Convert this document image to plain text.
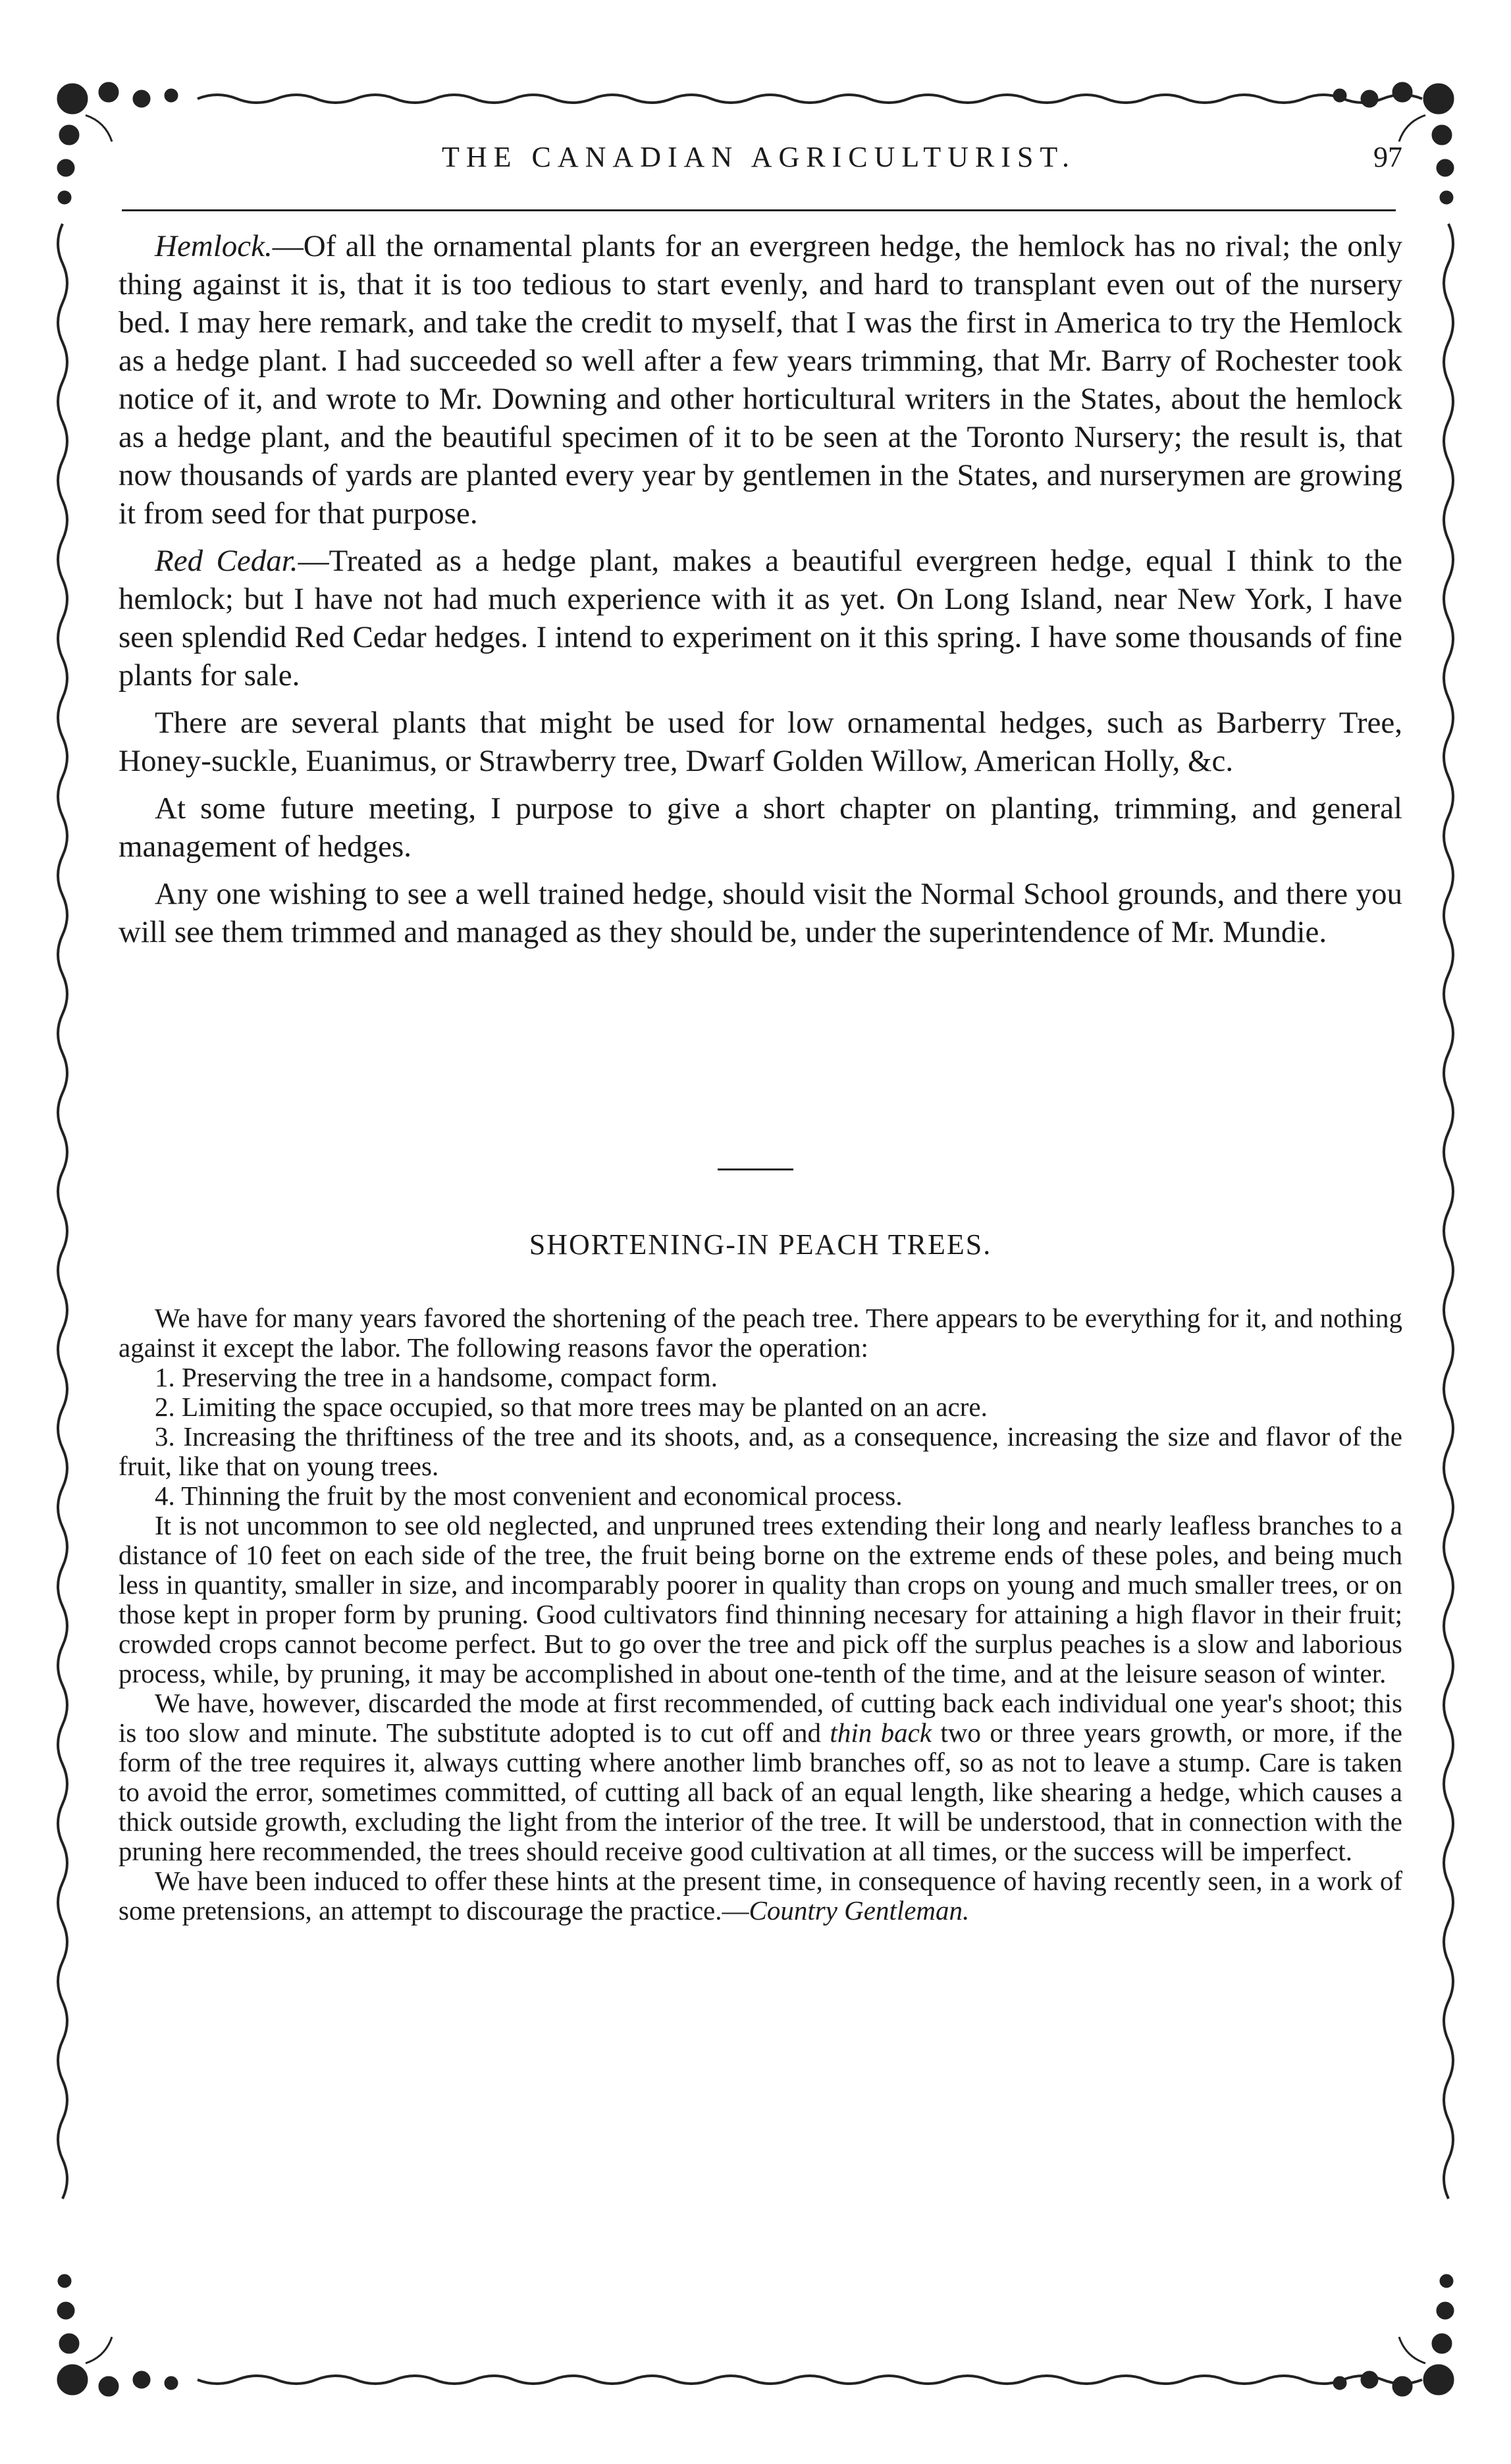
THE CANADIAN AGRICULTURIST.	97

Hemlock.—Of all the ornamental plants for an evergreen hedge, the hemlock has no rival; the only thing against it is, that it is too tedious to start evenly, and hard to transplant even out of the nursery bed. I may here remark, and take the credit to myself, that I was the first in America to try the Hemlock as a hedge plant. I had succeeded so well after a few years trimming, that Mr. Barry of Rochester took notice of it, and wrote to Mr. Downing and other horticultural writers in the States, about the hemlock as a hedge plant, and the beautiful specimen of it to be seen at the Toronto Nursery; the result is, that now thousands of yards are planted every year by gentlemen in the States, and nurserymen are growing it from seed for that purpose.

Red Cedar.—Treated as a hedge plant, makes a beautiful evergreen hedge, equal I think to the hemlock; but I have not had much experience with it as yet. On Long Island, near New York, I have seen splendid Red Cedar hedges. I intend to experiment on it this spring. I have some thousands of fine plants for sale.

There are several plants that might be used for low ornamental hedges, such as Barberry Tree, Honey-suckle, Euanimus, or Strawberry tree, Dwarf Golden Willow, American Holly, &c.

At some future meeting, I purpose to give a short chapter on planting, trimming, and general management of hedges.

Any one wishing to see a well trained hedge, should visit the Normal School grounds, and there you will see them trimmed and managed as they should be, under the superintendence of Mr. Mundie.

SHORTENING-IN PEACH TREES.

We have for many years favored the shortening of the peach tree. There appears to be everything for it, and nothing against it except the labor. The following reasons favor the operation:

1. Preserving the tree in a handsome, compact form.

2. Limiting the space occupied, so that more trees may be planted on an acre.

3. Increasing the thriftiness of the tree and its shoots, and, as a consequence, increasing the size and flavor of the fruit, like that on young trees.

4. Thinning the fruit by the most convenient and economical process.

It is not uncommon to see old neglected, and unpruned trees extending their long and nearly leafless branches to a distance of 10 feet on each side of the tree, the fruit being borne on the extreme ends of these poles, and being much less in quantity, smaller in size, and incomparably poorer in quality than crops on young and much smaller trees, or on those kept in proper form by pruning. Good cultivators find thinning necesary for attaining a high flavor in their fruit; crowded crops cannot become perfect. But to go over the tree and pick off the surplus peaches is a slow and laborious process, while, by pruning, it may be accomplished in about one-tenth of the time, and at the leisure season of winter.

We have, however, discarded the mode at first recommended, of cutting back each individual one year's shoot; this is too slow and minute. The substitute adopted is to cut off and thin back two or three years growth, or more, if the form of the tree requires it, always cutting where another limb branches off, so as not to leave a stump. Care is taken to avoid the error, sometimes committed, of cutting all back of an equal length, like shearing a hedge, which causes a thick outside growth, excluding the light from the interior of the tree. It will be understood, that in connection with the pruning here recommended, the trees should receive good cultivation at all times, or the success will be imperfect.

We have been induced to offer these hints at the present time, in consequence of having recently seen, in a work of some pretensions, an attempt to discourage the practice.—Country Gentleman.
